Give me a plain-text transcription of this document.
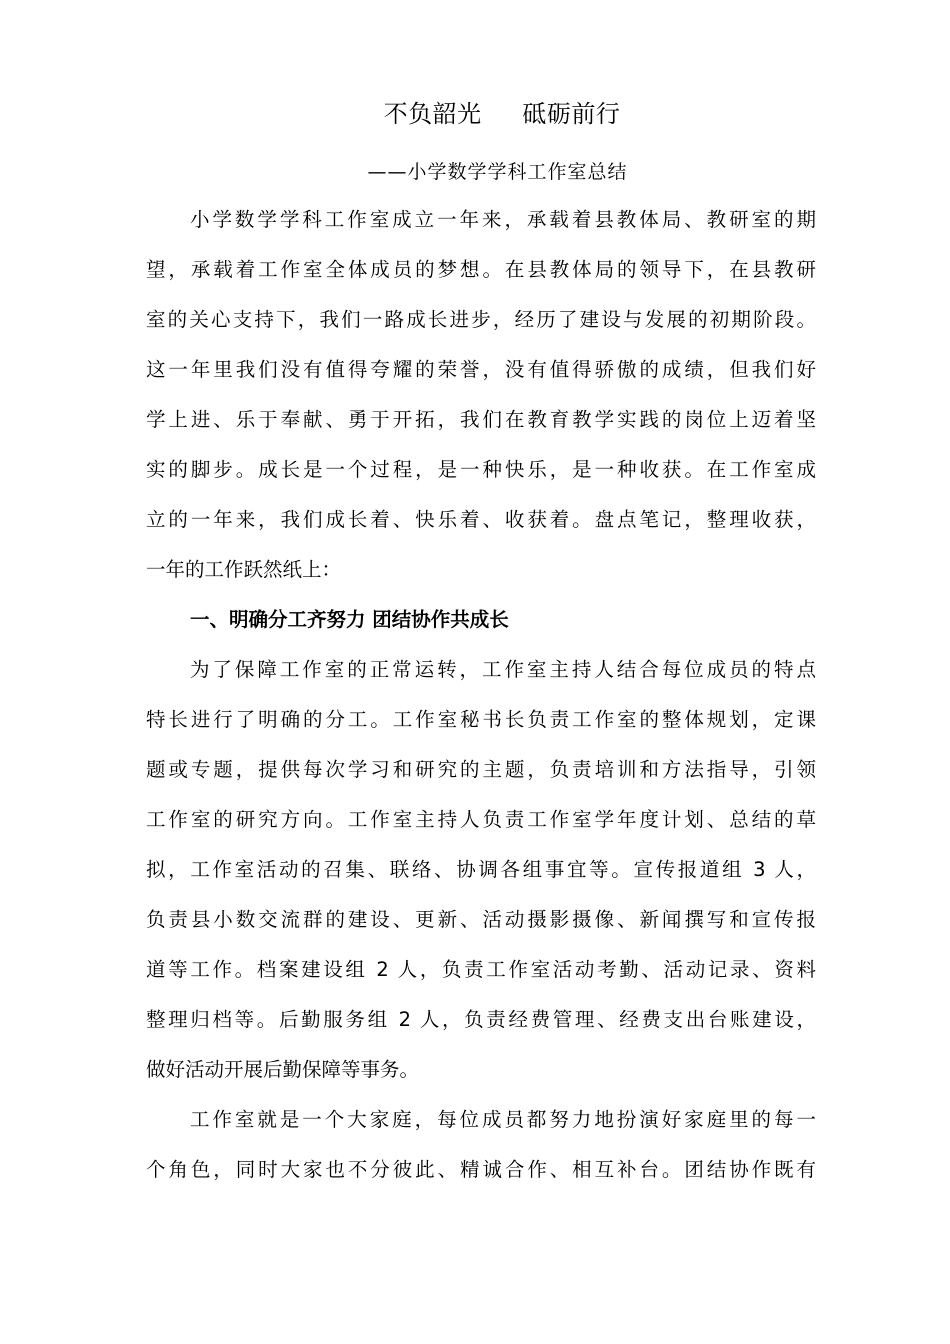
不负韶光     砥砺前行
——小学数学学科工作室总结
小学数学学科工作室成立一年来，承载着县教体局、教研室的期
望，承载着工作室全体成员的梦想。在县教体局的领导下，在县教研
室的关心支持下，我们一路成长进步，经历了建设与发展的初期阶段。
这一年里我们没有值得夸耀的荣誉，没有值得骄傲的成绩，但我们好
学上进、乐于奉献、勇于开拓，我们在教育教学实践的岗位上迈着坚
实的脚步。成长是一个过程，是一种快乐，是一种收获。在工作室成
立的一年来，我们成长着、快乐着、收获着。盘点笔记，整理收获，
一年的工作跃然纸上：
一、明确分工齐努力 团结协作共成长
为了保障工作室的正常运转，工作室主持人结合每位成员的特点
特长进行了明确的分工。工作室秘书长负责工作室的整体规划，定课
题或专题，提供每次学习和研究的主题，负责培训和方法指导，引领
工作室的研究方向。工作室主持人负责工作室学年度计划、总结的草
拟，工作室活动的召集、联络、协调各组事宜等。宣传报道组 3 人，
负责县小数交流群的建设、更新、活动摄影摄像、新闻撰写和宣传报
道等工作。档案建设组 2 人，负责工作室活动考勤、活动记录、资料
整理归档等。后勤服务组 2 人，负责经费管理、经费支出台账建设，
做好活动开展后勤保障等事务。
工作室就是一个大家庭，每位成员都努力地扮演好家庭里的每一
个角色，同时大家也不分彼此、精诚合作、相互补台。团结协作既有
